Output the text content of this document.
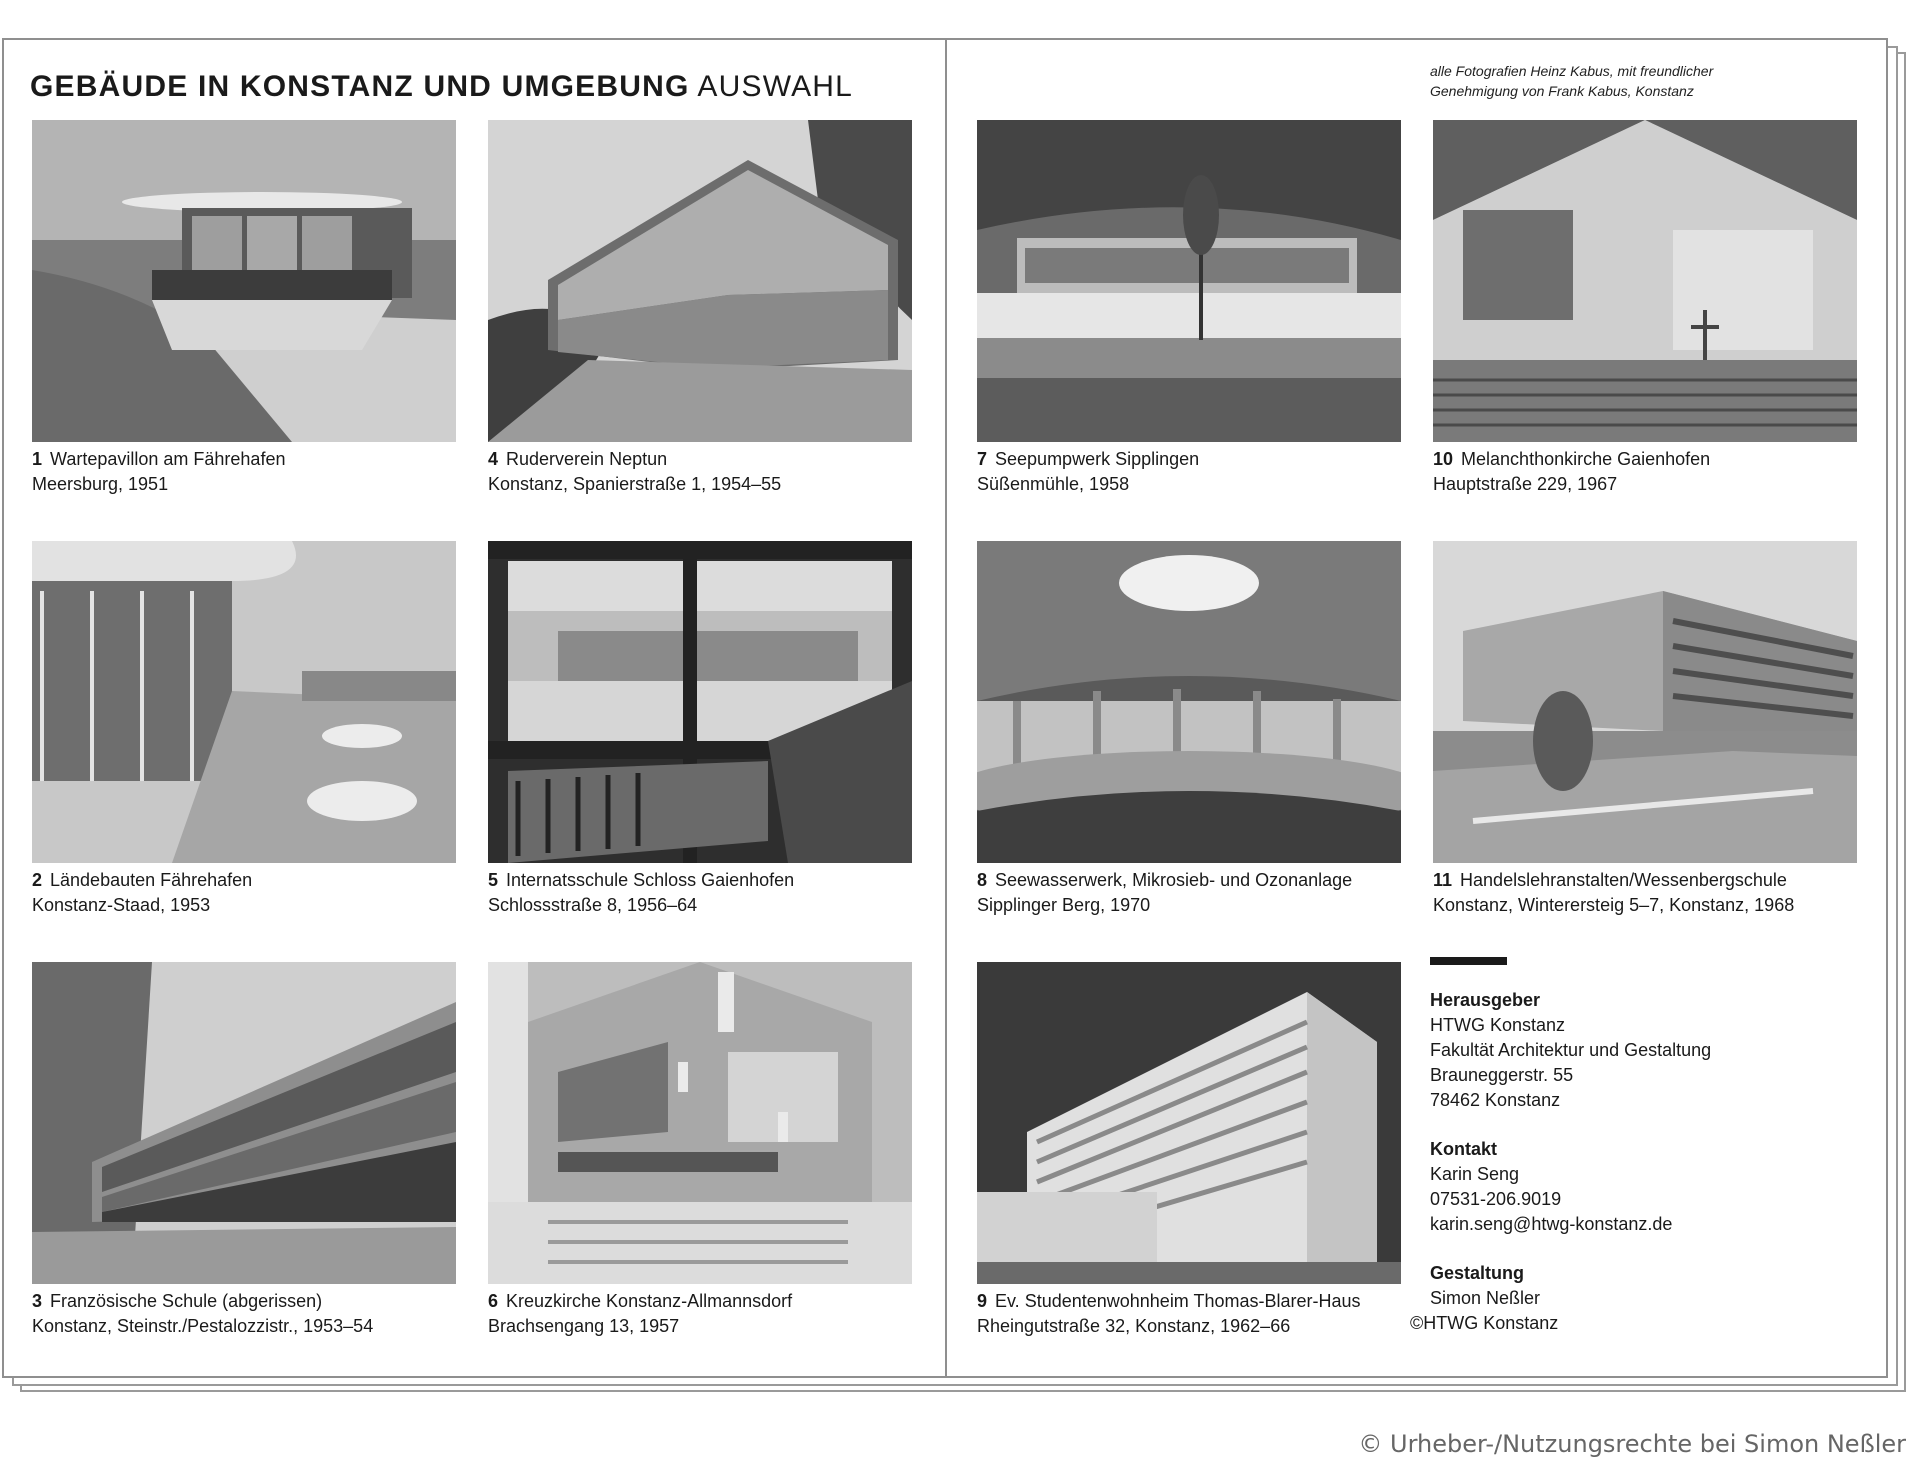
GEBÄUDE IN KONSTANZ UND UMGEBUNG AUSWAHL	alle Fotografien Heinz Kabus, mit freundlicher
Genehmigung von Frank Kabus, Konstanz
1 Wartepavillon am Fährehafen
Meersburg, 1951
4 Ruderverein Neptun
Konstanz, Spanierstraße 1, 1954–55
7 Seepumpwerk Sipplingen
Süßenmühle, 1958
10 Melanchthonkirche Gaienhofen
Hauptstraße 229, 1967
2 Ländebauten Fährehafen
Konstanz-Staad, 1953
5 Internatsschule Schloss Gaienhofen
Schlossstraße 8, 1956–64
8 Seewasserwerk, Mikrosieb- und Ozonanlage
Sipplinger Berg, 1970
11 Handelslehranstalten/Wessenbergschule
Konstanz, Winterersteig 5–7, Konstanz, 1968
3 Französische Schule (abgerissen)
Konstanz, Steinstr./Pestalozzistr., 1953–54
6 Kreuzkirche Konstanz-Allmannsdorf
Brachsengang 13, 1957
9 Ev. Studentenwohnheim Thomas-Blarer-Haus
Rheingutstraße 32, Konstanz, 1962–66
Herausgeber
HTWG Konstanz
Fakultät Architektur und Gestaltung
Brauneggerstr. 55
78462 Konstanz
Kontakt
Karin Seng
07531-206.9019
karin.seng@htwg-konstanz.de
Gestaltung
Simon Neßler
©HTWG Konstanz
© Urheber-/Nutzungsrechte bei Simon Neßler
